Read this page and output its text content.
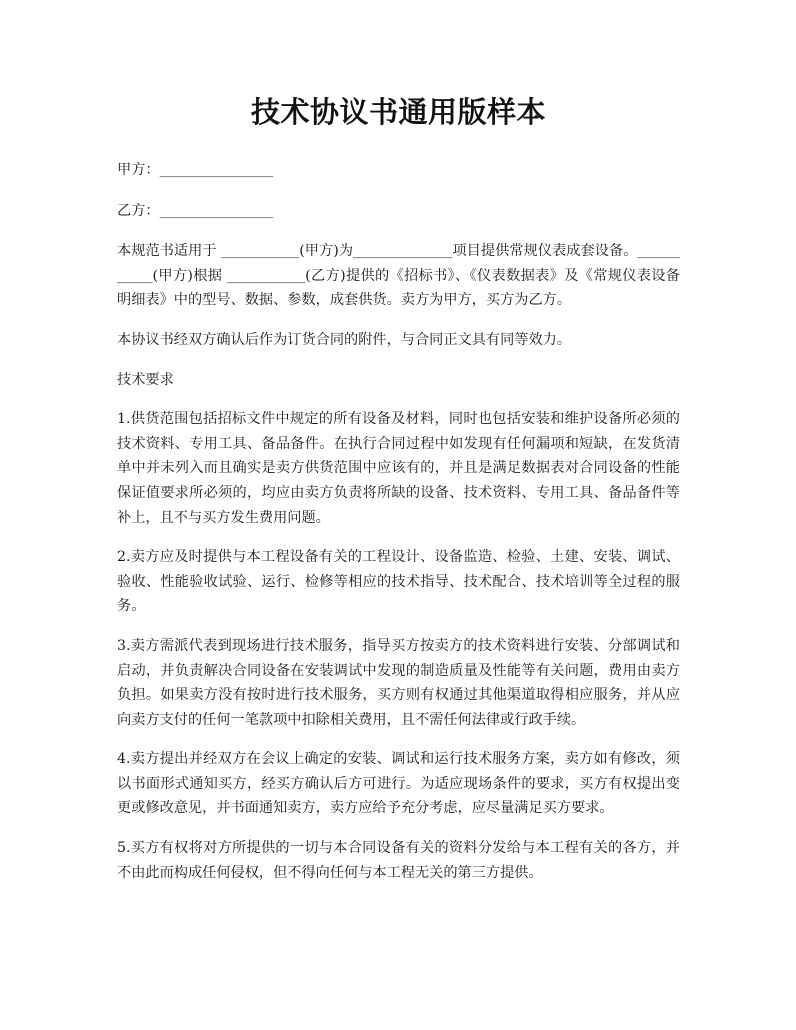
技术协议书通用版样本

甲方：________________

乙方：________________

本规范书适用于 ___________(甲方)为______________项目提供常规仪表成套设备。___________(甲方)根据 ___________(乙方)提供的《招标书》、《仪表数据表》及《常规仪表设备明细表》中的型号、数据、参数，成套供货。卖方为甲方，买方为乙方。

本协议书经双方确认后作为订货合同的附件，与合同正文具有同等效力。

技术要求

1.供货范围包括招标文件中规定的所有设备及材料，同时也包括安装和维护设备所必须的技术资料、专用工具、备品备件。在执行合同过程中如发现有任何漏项和短缺，在发货清单中并未列入而且确实是卖方供货范围中应该有的，并且是满足数据表对合同设备的性能保证值要求所必须的，均应由卖方负责将所缺的设备、技术资料、专用工具、备品备件等补上，且不与买方发生费用问题。

2.卖方应及时提供与本工程设备有关的工程设计、设备监造、检验、土建、安装、调试、验收、性能验收试验、运行、检修等相应的技术指导、技术配合、技术培训等全过程的服务。

3.卖方需派代表到现场进行技术服务，指导买方按卖方的技术资料进行安装、分部调试和启动，并负责解决合同设备在安装调试中发现的制造质量及性能等有关问题，费用由卖方负担。如果卖方没有按时进行技术服务，买方则有权通过其他渠道取得相应服务，并从应向卖方支付的任何一笔款项中扣除相关费用，且不需任何法律或行政手续。

4.卖方提出并经双方在会议上确定的安装、调试和运行技术服务方案，卖方如有修改，须以书面形式通知买方，经买方确认后方可进行。为适应现场条件的要求，买方有权提出变更或修改意见，并书面通知卖方，卖方应给予充分考虑，应尽量满足买方要求。

5.买方有权将对方所提供的一切与本合同设备有关的资料分发给与本工程有关的各方，并不由此而构成任何侵权，但不得向任何与本工程无关的第三方提供。
